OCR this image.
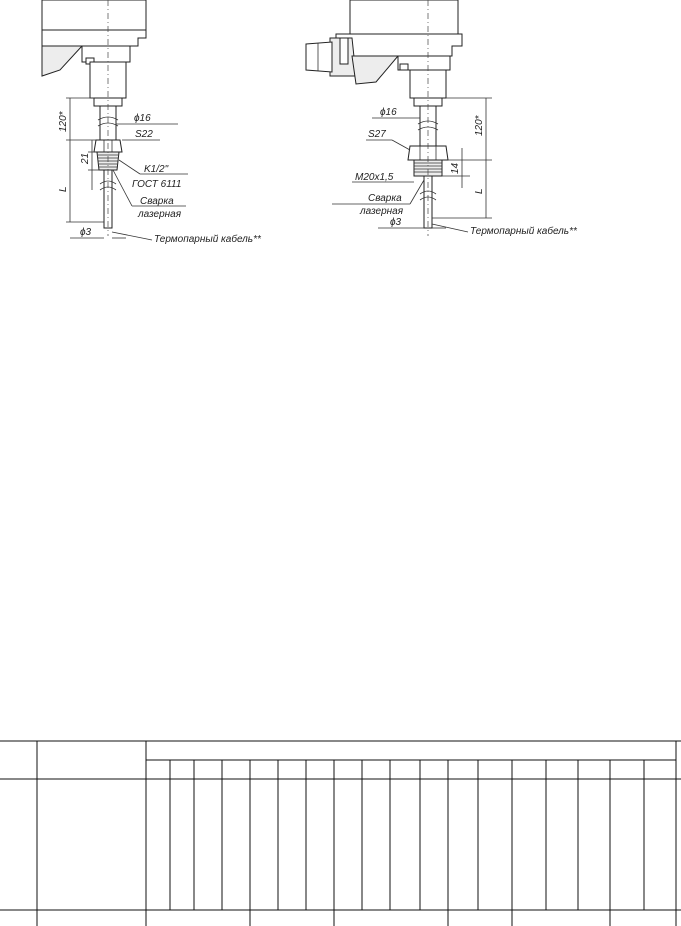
120*
21
L
ϕ16
S22
K1/2"
ГОСТ 6111
Сварка
лазерная
ϕ3
Термопарный кабель**
120*
14
L
ϕ16
S27
M20x1,5
Сварка
лазерная
ϕ3
Термопарный кабель**
